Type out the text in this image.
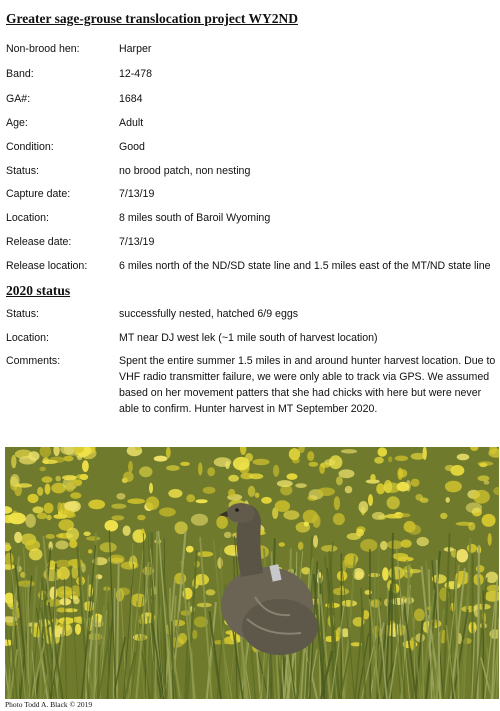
Greater sage-grouse translocation project WY2ND
Non-brood hen:	Harper
Band:	12-478
GA#:	1684
Age:	Adult
Condition:	Good
Status:	no brood patch, non nesting
Capture date:	7/13/19
Location:	8 miles south of Baroil Wyoming
Release date:	7/13/19
Release location:	6 miles north of the ND/SD state line and 1.5 miles east of the MT/ND state line
2020 status
Status:	successfully nested, hatched 6/9 eggs
Location:	MT near DJ west lek (~1 mile south of harvest location)
Comments:	Spent the entire summer 1.5 miles in and around hunter harvest location. Due to VHF radio transmitter failure, we were only able to track via GPS. We assumed based on her movement patters that she had chicks with here but were never able to confirm. Hunter harvest in MT September 2020.

Photo Todd A. Black © 2019
